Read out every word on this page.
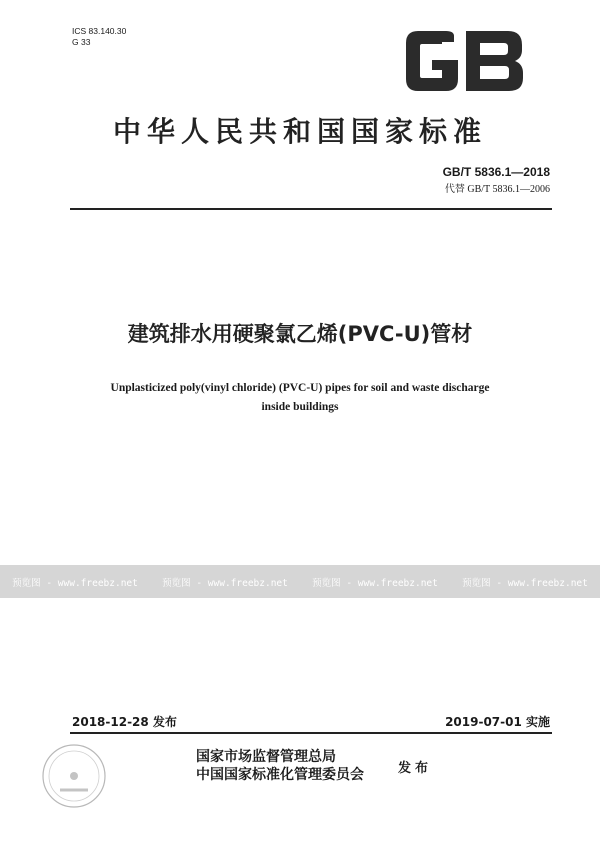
ICS 83.140.30
G 33
中华人民共和国国家标准
GB/T 5836.1—2018
代替 GB/T 5836.1—2006
建筑排水用硬聚氯乙烯(PVC-U)管材
Unplasticized poly(vinyl chloride) (PVC-U) pipes for soil and waste discharge
inside buildings
预览图 - www.freebz.net	预览图 - www.freebz.net	预览图 - www.freebz.net	预览图 - www.freebz.net
2018-12-28 发布	2019-07-01 实施
国家市场监督管理总局
中国国家标准化管理委员会	发布
